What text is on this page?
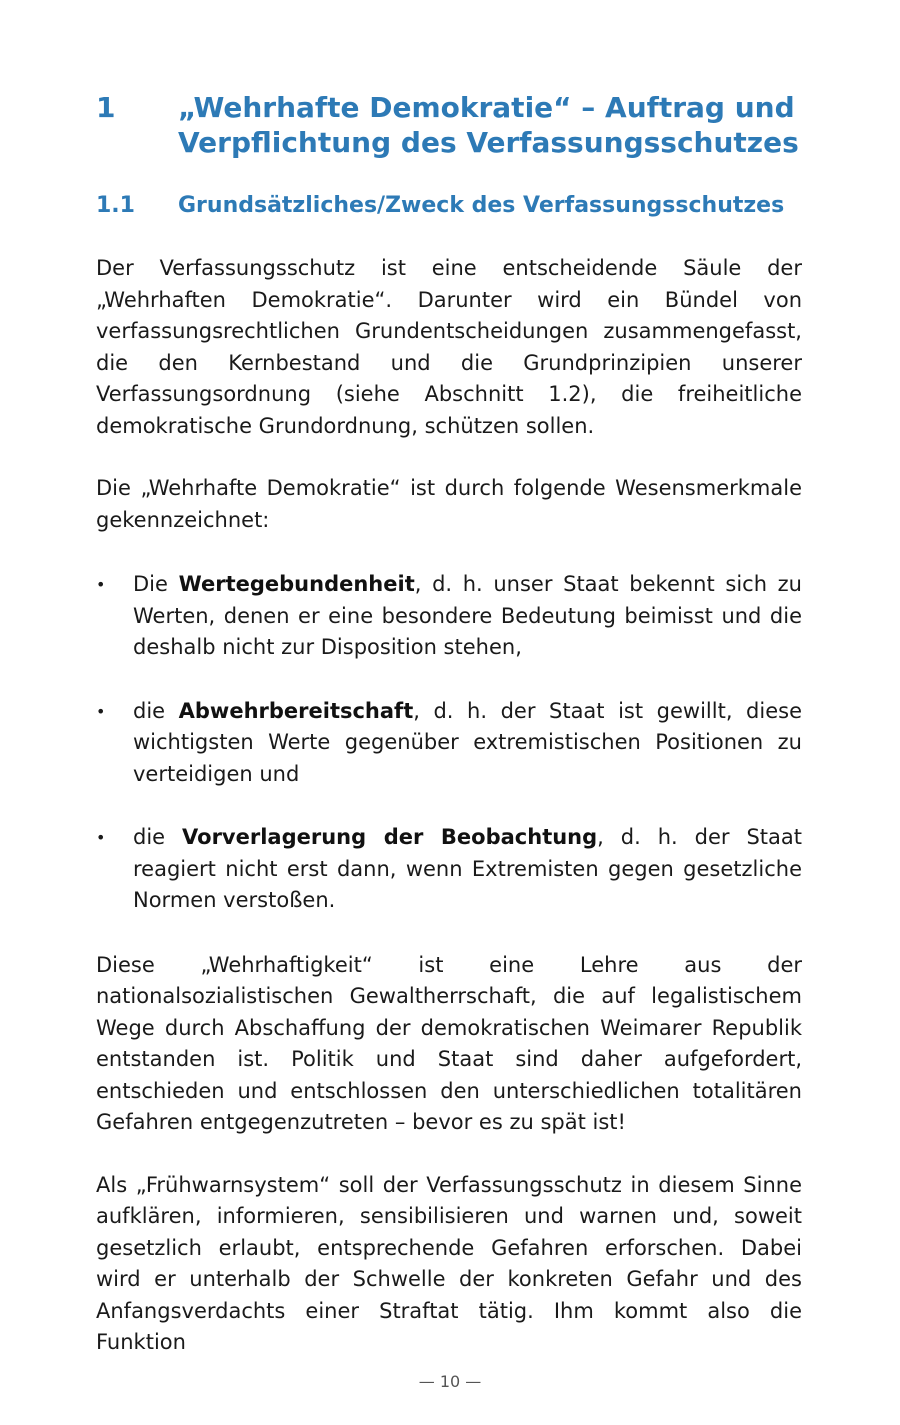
1	„Wehrhafte Demokratie“ – Auftrag und Verpflichtung des Verfassungsschutzes
1.1	Grundsätzliches/Zweck des Verfassungsschutzes

Der Verfassungsschutz ist eine entscheidende Säule der „Wehrhaften Demokratie“. Darunter wird ein Bündel von verfassungsrechtlichen Grundentscheidungen zusammengefasst, die den Kernbestand und die Grundprinzipien unserer Verfassungsordnung (siehe Abschnitt 1.2), die freiheitliche demokratische Grundordnung, schützen sollen.

Die „Wehrhafte Demokratie“ ist durch folgende Wesensmerkmale gekennzeichnet:

•	Die Wertegebundenheit, d. h. unser Staat bekennt sich zu Werten, denen er eine besondere Bedeutung beimisst und die deshalb nicht zur Disposition stehen,
•	die Abwehrbereitschaft, d. h. der Staat ist gewillt, diese wichtigsten Werte gegenüber extremistischen Positionen zu verteidigen und
•	die Vorverlagerung der Beobachtung, d. h. der Staat reagiert nicht erst dann, wenn Extremisten gegen gesetzliche Normen verstoßen.

Diese „Wehrhaftigkeit“ ist eine Lehre aus der nationalsozialistischen Gewaltherrschaft, die auf legalistischem Wege durch Abschaffung der demokratischen Weimarer Republik entstanden ist. Politik und Staat sind daher aufgefordert, entschieden und entschlossen den unterschiedlichen totalitären Gefahren entgegenzutreten – bevor es zu spät ist!

Als „Frühwarnsystem“ soll der Verfassungsschutz in diesem Sinne aufklären, informieren, sensibilisieren und warnen und, soweit gesetzlich erlaubt, entsprechende Gefahren erforschen. Dabei wird er unterhalb der Schwelle der konkreten Gefahr und des Anfangsverdachts einer Straftat tätig. Ihm kommt also die Funktion

— 10 —
